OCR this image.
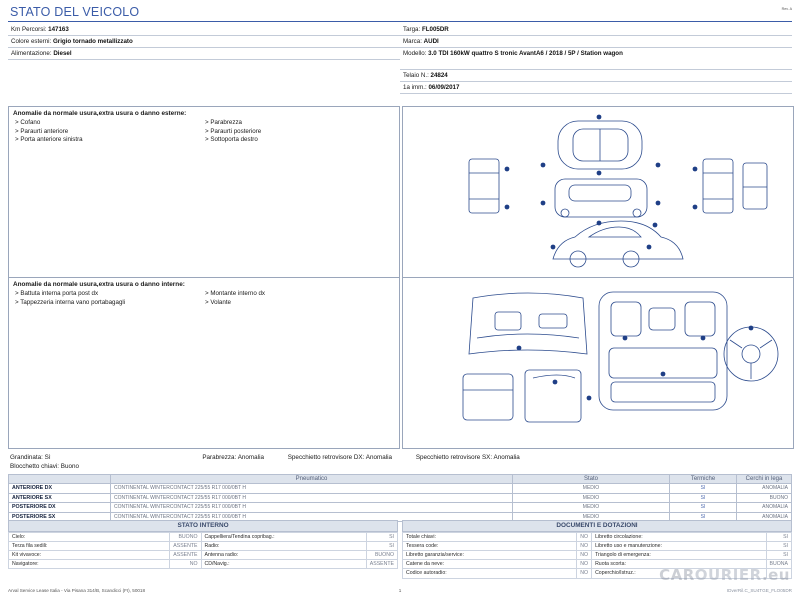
STATO DEL VEICOLO	Rev. A
Km Percorsi: 147163
Colore esterni: Grigio tornado metallizzato
Alimentazione: Diesel
Targa: FL005DR
Marca: AUDI
Modello: 3.0 TDI 160kW quattro S tronic AvantA6 / 2018 / 5P / Station wagon
Telaio N.: 24824
1a imm.: 06/09/2017
Anomalie da normale usura,extra usura o danno esterne:
> Cofano
> Paraurti anteriore
> Porta anteriore sinistra
> Parabrezza
> Paraurti posteriore
> Sottoporta destro
Anomalie da normale usura,extra usura o danno interne:
> Battuta interna porta post dx
> Tappezzeria interna vano portabagagli
> Montante interno dx
> Volante
Grandinata: Sì	Parabrezza: Anomalia	Specchietto retrovisore DX: Anomalia	Specchietto retrovisore SX: Anomalia
Blocchetto chiavi: Buono
	Pneumatico	Stato	Termiche	Cerchi in lega
ANTERIORE DX	CONTINENTAL WINTERCONTACT 225/55 R17 000/0BT H	MEDIO	SI	ANOMALIA
ANTERIORE SX	CONTINENTAL WINTERCONTACT 225/55 R17 000/0BT H	MEDIO	SI	BUONO
POSTERIORE DX	CONTINENTAL WINTERCONTACT 225/55 R17 000/0BT H	MEDIO	SI	ANOMALIA
POSTERIORE SX	CONTINENTAL WINTERCONTACT 225/55 R17 000/0BT H	MEDIO	SI	ANOMALIA
STATO INTERNO
Cielo:	BUONO	Cappelliera/Tendina copribag.:	SI
Terza fila sedili:	ASSENTE	Radio:	SI
Kit vivavoce:	ASSENTE	Antenna radio:	BUONO
Navigatore:	NO	CD/Navig.:	ASSENTE
DOCUMENTI E DOTAZIONI
Totale chiavi:	NO	Libretto circolazione:	SI
Tessera code:	NO	Libretto uso e manutenzione:	SI
Libretto garanzia/service:	NO	Triangolo di emergenza:	SI
Catene da neve:	NO	Ruota scorta:	BUONA
Codice autoradio:	NO	Coperchio/Istruz.:	
Arval Service Lease Italia - Via Pisana 314/B, Scandicci (FI), 50018	1	IDverRil.C_SU4TGE_FLO05DR
CAROURIER.eu
